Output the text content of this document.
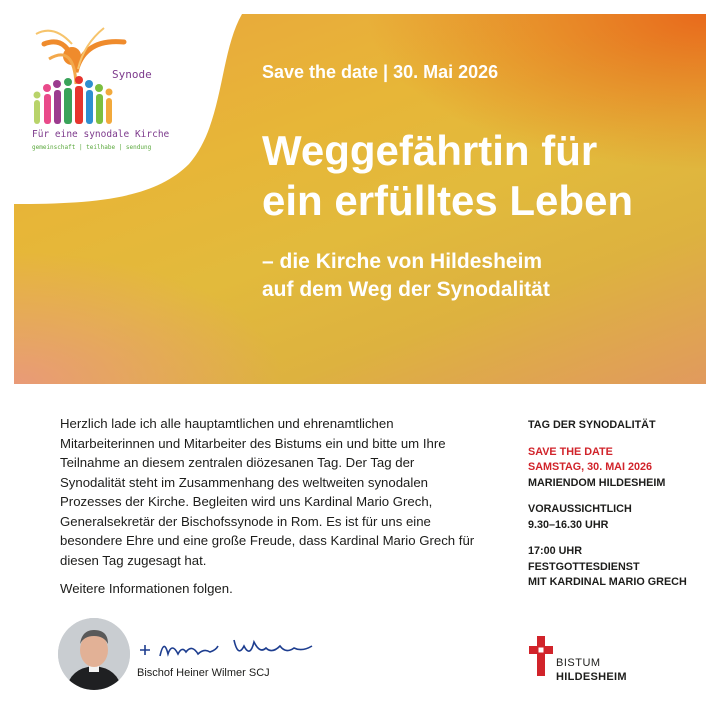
Synode
Für eine synodale Kirche
gemeinschaft | teilhabe | sendung
Save the date | 30. Mai 2026
Weggefährtin für
ein erfülltes Leben
– die Kirche von Hildesheim
auf dem Weg der Synodalität

Herzlich lade ich alle hauptamtlichen und ehrenamtlichen Mitarbeiterinnen und Mitarbeiter des Bistums ein und bitte um Ihre Teilnahme an diesem zentralen diözesanen Tag. Der Tag der Synodalität steht im Zusammenhang des weltweiten synodalen Prozesses der Kirche. Begleiten wird uns Kardinal Mario Grech, Generalsekretär der Bischofssynode in Rom. Es ist für uns eine besondere Ehre und eine große Freude, dass Kardinal Mario Grech für diesen Tag zugesagt hat.

Weitere Informationen folgen.

TAG DER SYNODALITÄT
SAVE THE DATE
SAMSTAG, 30. MAI 2026
MARIENDOM HILDESHEIM
VORAUSSICHTLICH
9.30–16.30 UHR
17:00 UHR
FESTGOTTESDIENST
MIT KARDINAL MARIO GRECH
Bischof Heiner Wilmer SCJ
BISTUM
HILDESHEIM
